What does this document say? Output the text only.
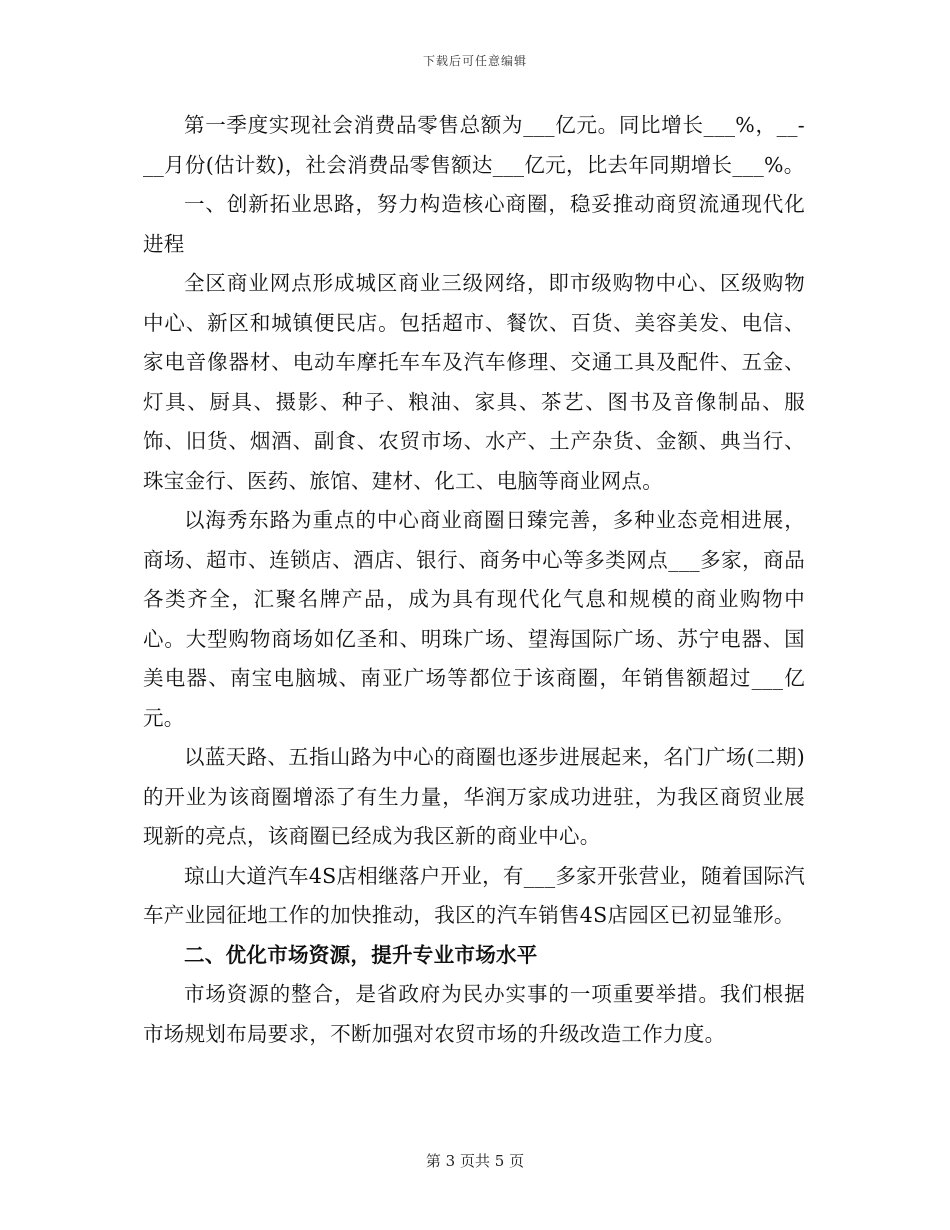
下载后可任意编辑

第一季度实现社会消费品零售总额为___亿元。同比增长___%，__-__月份(估计数)，社会消费品零售额达___亿元，比去年同期增长___%。

一、创新拓业思路，努力构造核心商圈，稳妥推动商贸流通现代化进程

全区商业网点形成城区商业三级网络，即市级购物中心、区级购物中心、新区和城镇便民店。包括超市、餐饮、百货、美容美发、电信、家电音像器材、电动车摩托车车及汽车修理、交通工具及配件、五金、灯具、厨具、摄影、种子、粮油、家具、茶艺、图书及音像制品、服饰、旧货、烟酒、副食、农贸市场、水产、土产杂货、金额、典当行、珠宝金行、医药、旅馆、建材、化工、电脑等商业网点。

以海秀东路为重点的中心商业商圈日臻完善，多种业态竞相进展，商场、超市、连锁店、酒店、银行、商务中心等多类网点___多家，商品各类齐全，汇聚名牌产品，成为具有现代化气息和规模的商业购物中心。大型购物商场如亿圣和、明珠广场、望海国际广场、苏宁电器、国美电器、南宝电脑城、南亚广场等都位于该商圈，年销售额超过___亿元。

以蓝天路、五指山路为中心的商圈也逐步进展起来，名门广场(二期)的开业为该商圈增添了有生力量，华润万家成功进驻，为我区商贸业展现新的亮点，该商圈已经成为我区新的商业中心。

琼山大道汽车4S店相继落户开业，有___多家开张营业，随着国际汽车产业园征地工作的加快推动，我区的汽车销售4S店园区已初显雏形。

二、优化市场资源，提升专业市场水平

市场资源的整合，是省政府为民办实事的一项重要举措。我们根据市场规划布局要求，不断加强对农贸市场的升级改造工作力度。

第 3 页共 5 页
